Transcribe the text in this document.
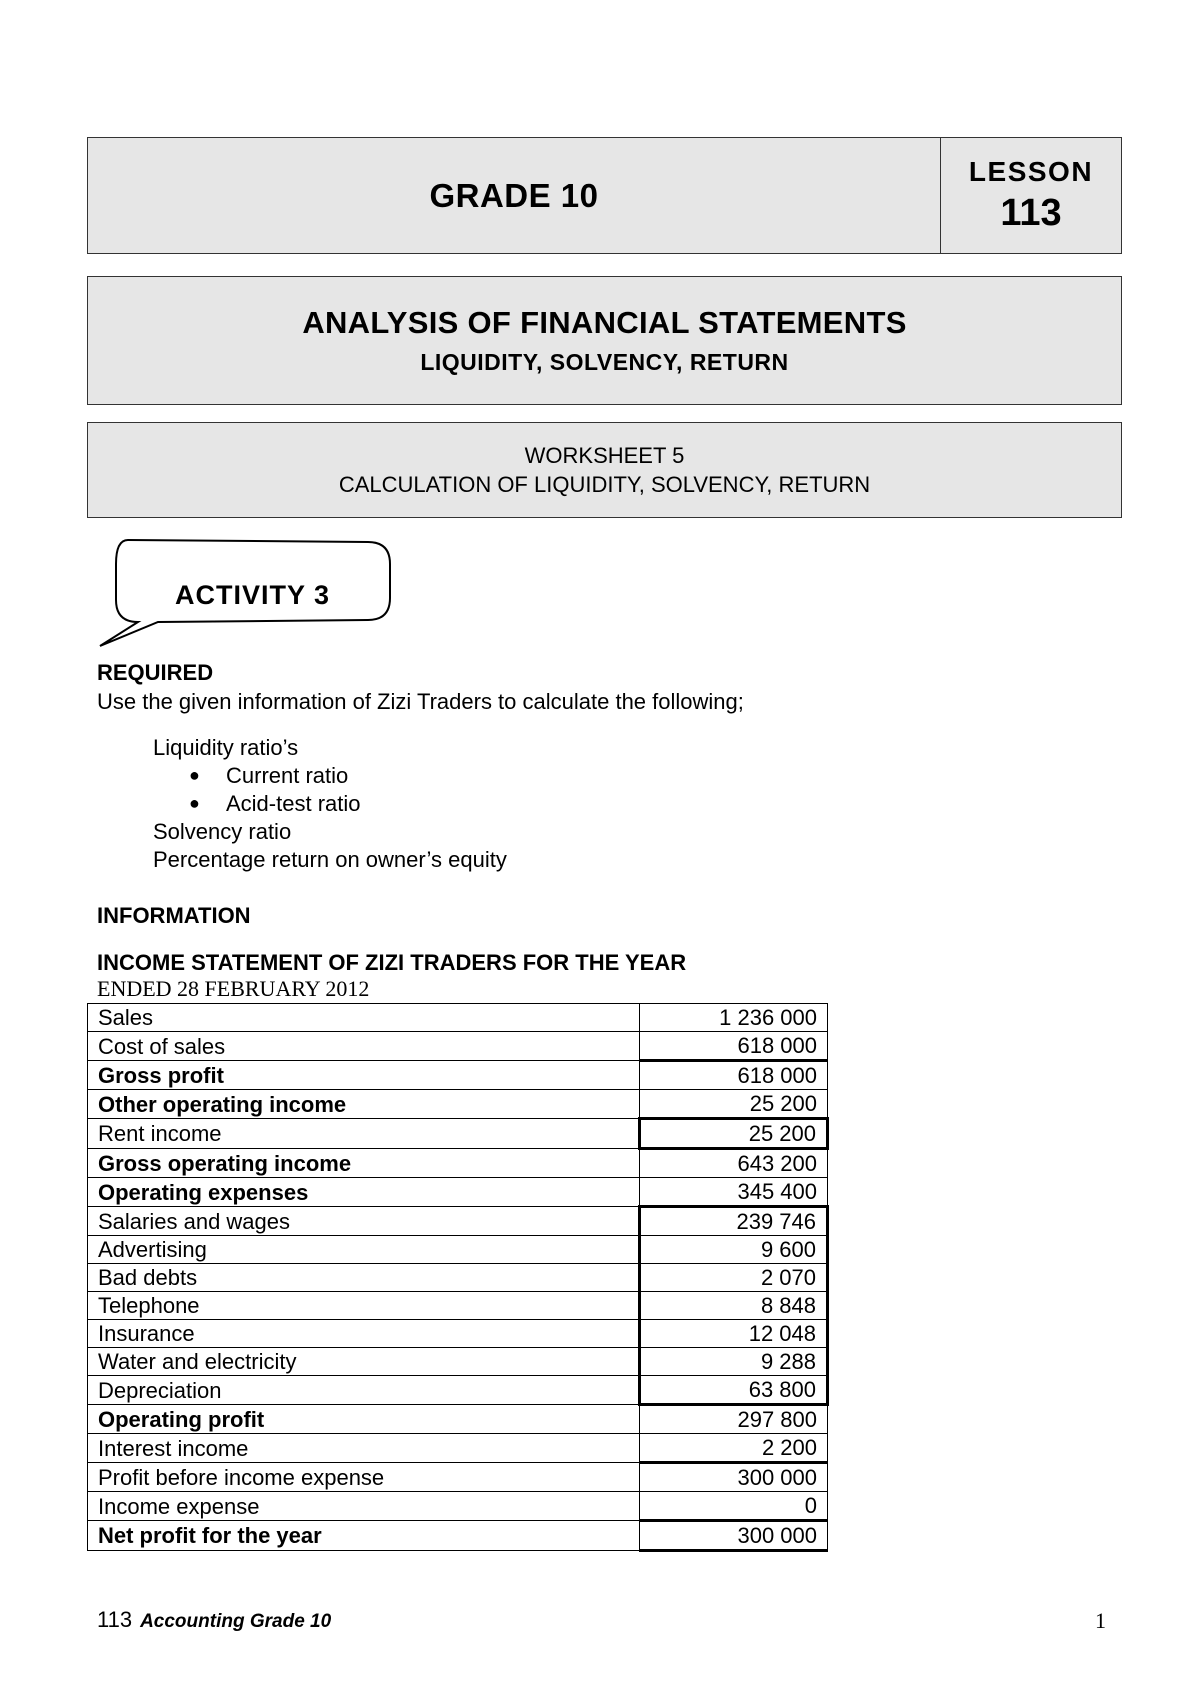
GRADE 10
LESSON
113
ANALYSIS OF FINANCIAL STATEMENTS
LIQUIDITY, SOLVENCY, RETURN
WORKSHEET 5
CALCULATION OF LIQUIDITY, SOLVENCY, RETURN
ACTIVITY 3
REQUIRED
Use the given information of Zizi Traders to calculate the following;
Liquidity ratio’s
● Current ratio
● Acid-test ratio
Solvency ratio
Percentage return on owner’s equity
INFORMATION
INCOME STATEMENT OF ZIZI TRADERS FOR THE YEAR
ENDED 28 FEBRUARY 2012
Sales	1 236 000
Cost of sales	618 000
Gross profit	618 000
Other operating income	25 200
Rent income	25 200
Gross operating income	643 200
Operating expenses	345 400
Salaries and wages	239 746
Advertising	9 600
Bad debts	2 070
Telephone	8 848
Insurance	12 048
Water and electricity	9 288
Depreciation	63 800
Operating profit	297 800
Interest income	2 200
Profit before income expense	300 000
Income expense	0
Net profit for the year	300 000
113 Accounting Grade 10	1
